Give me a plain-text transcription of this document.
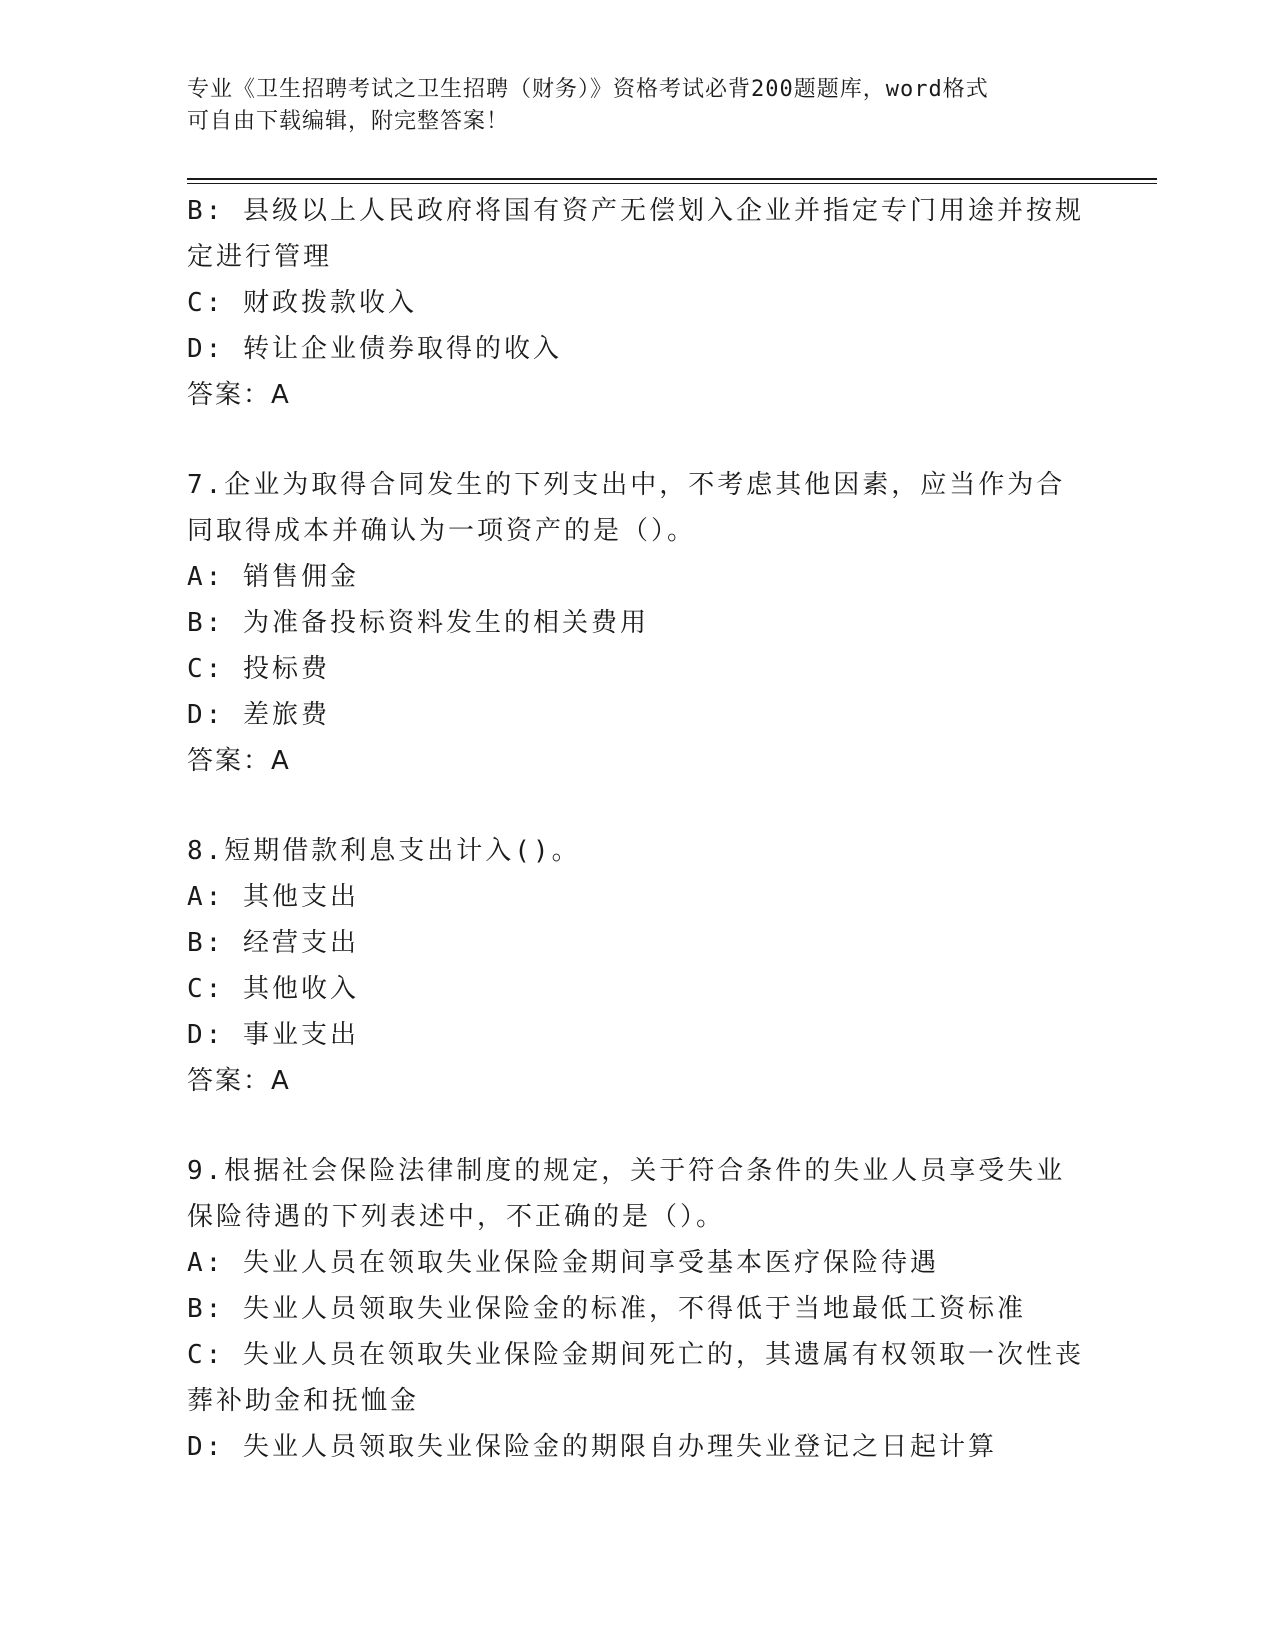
专业《卫生招聘考试之卫生招聘（财务）》资格考试必背200题题库，word格式
可自由下载编辑，附完整答案！
B: 县级以上人民政府将国有资产无偿划入企业并指定专门用途并按规
定进行管理
C: 财政拨款收入
D: 转让企业债券取得的收入
答案：A
7.企业为取得合同发生的下列支出中，不考虑其他因素，应当作为合
同取得成本并确认为一项资产的是（）。
A: 销售佣金
B: 为准备投标资料发生的相关费用
C: 投标费
D: 差旅费
答案：A
8.短期借款利息支出计入()。
A: 其他支出
B: 经营支出
C: 其他收入
D: 事业支出
答案：A
9.根据社会保险法律制度的规定，关于符合条件的失业人员享受失业
保险待遇的下列表述中，不正确的是（）。
A: 失业人员在领取失业保险金期间享受基本医疗保险待遇
B: 失业人员领取失业保险金的标准，不得低于当地最低工资标准
C: 失业人员在领取失业保险金期间死亡的，其遗属有权领取一次性丧
葬补助金和抚恤金
D: 失业人员领取失业保险金的期限自办理失业登记之日起计算
